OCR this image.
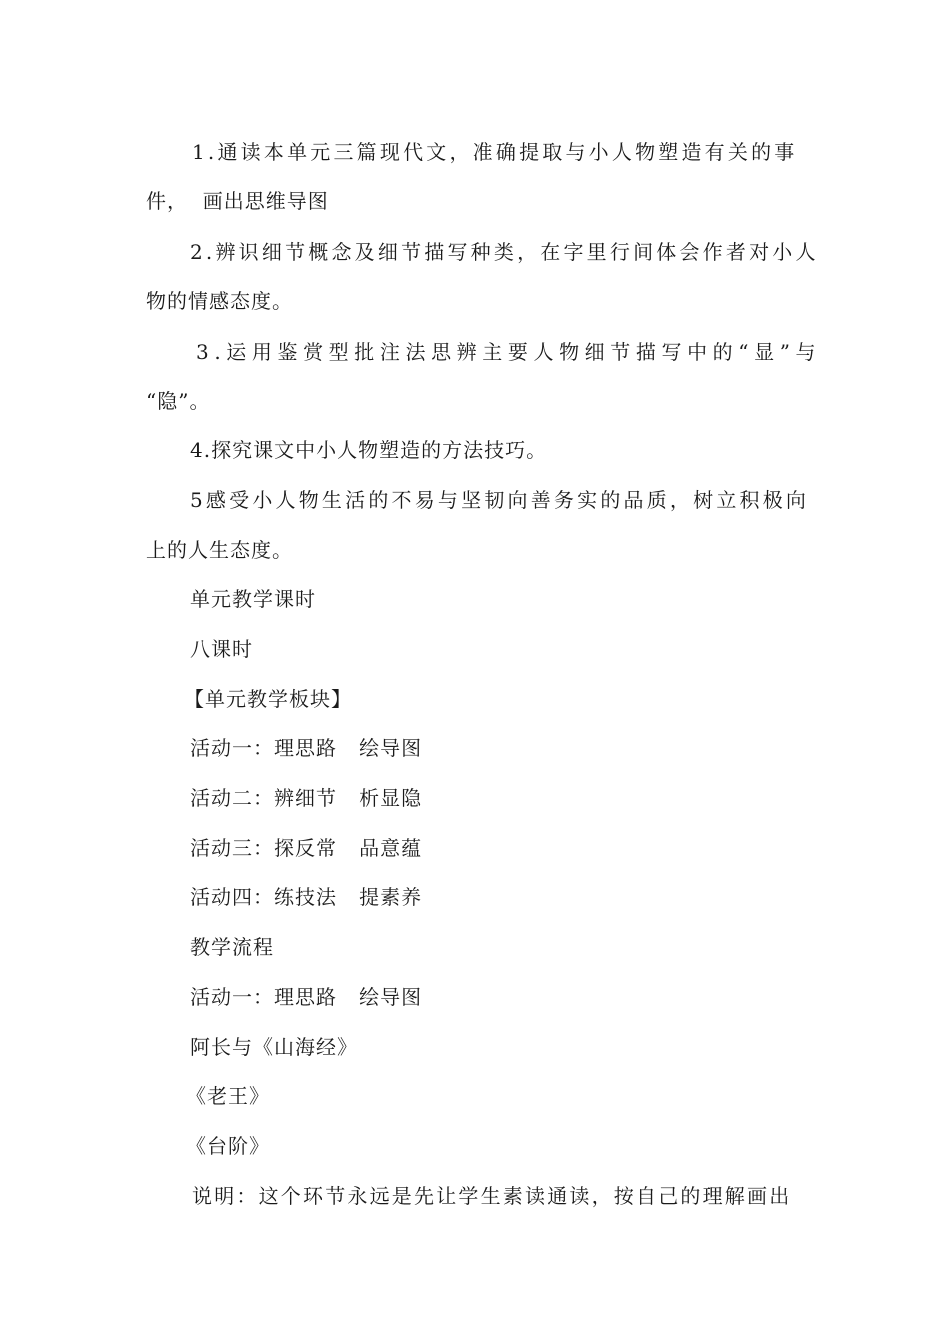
1.通读本单元三篇现代文，准确提取与小人物塑造有关的事
件，  画出思维导图
2.辨识细节概念及细节描写种类，在字里行间体会作者对小人
物的情感态度。
3.运用鉴赏型批注法思辨主要人物细节描写中的“显”与
“隐”。
4.探究课文中小人物塑造的方法技巧。
5感受小人物生活的不易与坚韧向善务实的品质，树立积极向
上的人生态度。
单元教学课时
八课时
【单元教学板块】
活动一：理思路   绘导图
活动二：辨细节   析显隐
活动三：探反常   品意蕴
活动四：练技法   提素养
教学流程
活动一：理思路   绘导图
阿长与《山海经》
《老王》
《台阶》
说明：这个环节永远是先让学生素读通读，按自己的理解画出
